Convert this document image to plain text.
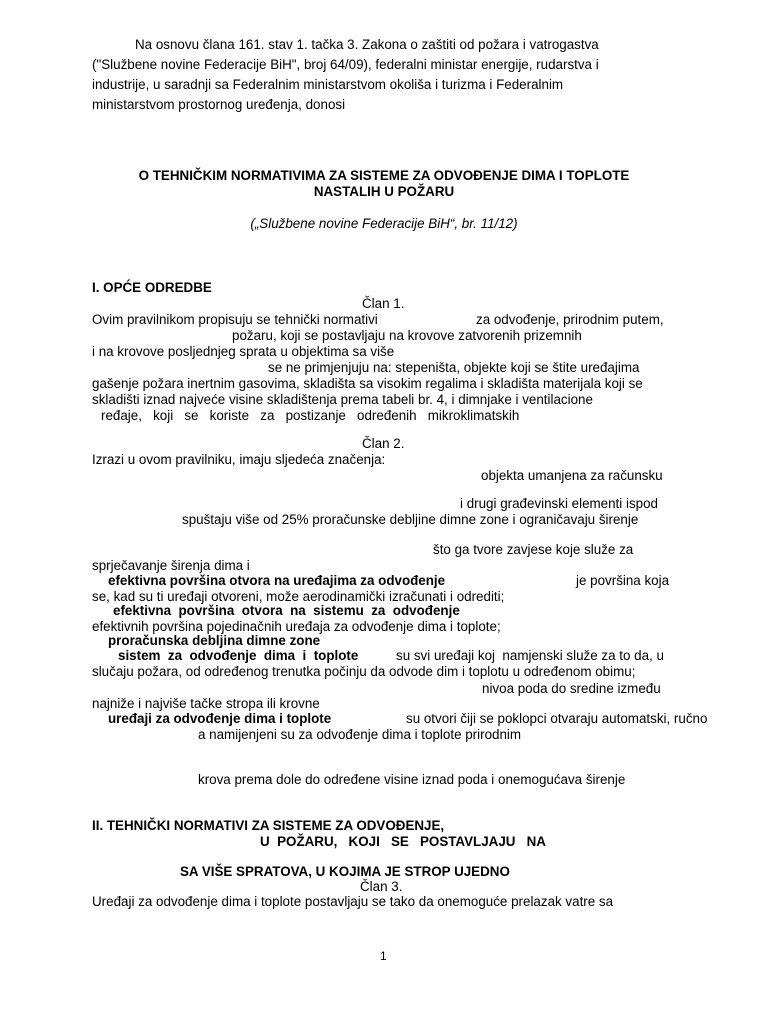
Na osnovu člana 161. stav 1. tačka 3. Zakona o zaštiti od požara i vatrogastva
("Službene novine Federacije BiH", broj 64/09), federalni ministar energije, rudarstva i
industrije, u saradnji sa Federalnim ministarstvom okoliša i turizma i Federalnim
ministarstvom prostornog uređenja, donosi
O TEHNIČKIM NORMATIVIMA ZA SISTEME ZA ODVOĐENJE DIMA I TOPLOTE
NASTALIH U POŽARU
(„Službene novine Federacije BiH“, br. 11/12)
I. OPĆE ODREDBE
Član 1.
Ovim pravilnikom propisuju se tehnički normativi	za odvođenje, prirodnim putem,
požaru, koji se postavljaju na krovove zatvorenih prizemnih
i na krovove posljednjeg sprata u objektima sa više
se ne primjenjuju na: stepeništa, objekte koji se štite uređajima
gašenje požara inertnim gasovima, skladišta sa visokim regalima i skladišta materijala koji se
skladišti iznad najveće visine skladištenja prema tabeli br. 4, i dimnjake i ventilacione
ređaje,   koji   se   koriste   za   postizanje   određenih   mikroklimatskih
Član 2.
Izrazi u ovom pravilniku, imaju sljedeća značenja:
objekta umanjena za računsku
i drugi građevinski elementi ispod
spuštaju više od 25% proračunske debljine dimne zone i ograničavaju širenje
što ga tvore zavjese koje služe za
sprječavanje širenja dima i
efektivna površina otvora na uređajima za odvođenje	je površina koja
se, kad su ti uređaji otvoreni, može aerodinamički izračunati i odrediti;
efektivna  površina  otvora  na  sistemu  za  odvođenje
efektivnih površina pojedinačnih uređaja za odvođenje dima i toplote;
proračunska debljina dimne zone
sistem  za  odvođenje  dima  i  toplote	su svi uređaji koj  namjenski služe za to da, u
slučaju požara, od određenog trenutka počinju da odvode dim i toplotu u određenom obimu;
nivoa poda do sredine između
najniže i najviše tačke stropa ili krovne
uređaji za odvođenje dima i toplote	su otvori čiji se poklopci otvaraju automatski, ručno
a namijenjeni su za odvođenje dima i toplote prirodnim
krova prema dole do određene visine iznad poda i onemogućava širenje
II. TEHNIČKI NORMATIVI ZA SISTEME ZA ODVOĐENJE,
U  POŽARU,   KOJI   SE   POSTAVLJAJU   NA
SA VIŠE SPRATOVA, U KOJIMA JE STROP UJEDNO
Član 3.
Uređaji za odvođenje dima i toplote postavljaju se tako da onemoguće prelazak vatre sa
1
